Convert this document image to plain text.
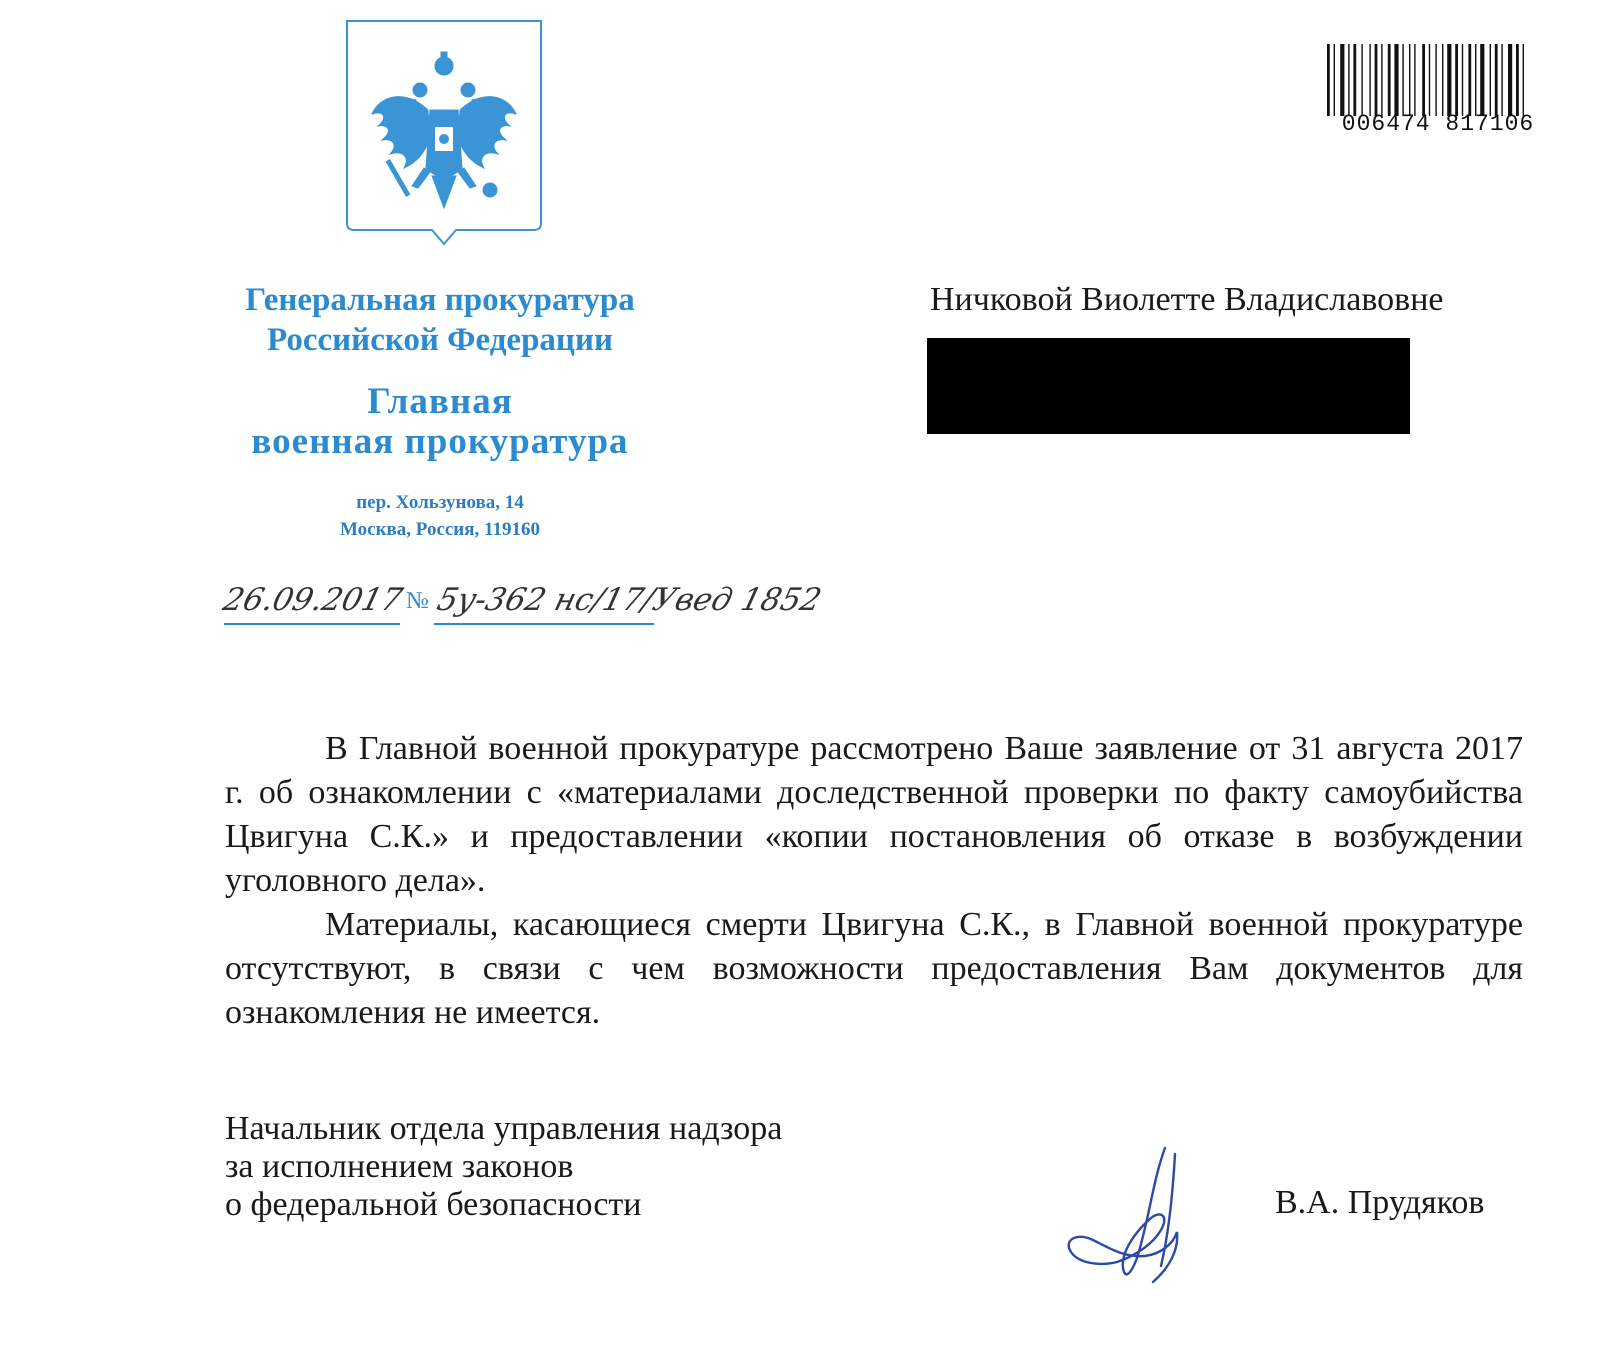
006474 817106
Генеральная прокуратура
Российской Федерации
Главная
военная прокуратура
пер. Хользунова, 14
Москва, Россия, 119160
26.09.2017 № 5у-362 нс/17/Увед 1852
Ничковой Виолетте Владиславовне

В Главной военной прокуратуре рассмотрено Ваше заявление от 31 августа 2017 г. об ознакомлении с «материалами доследственной проверки по факту самоубийства Цвигуна С.К.» и предоставлении «копии постановления об отказе в возбуждении уголовного дела».

Материалы, касающиеся смерти Цвигуна С.К., в Главной военной прокуратуре отсутствуют, в связи с чем возможности предоставления Вам документов для ознакомления не имеется.

Начальник отдела управления надзора
за исполнением законов
о федеральной безопасности	В.А. Прудяков
